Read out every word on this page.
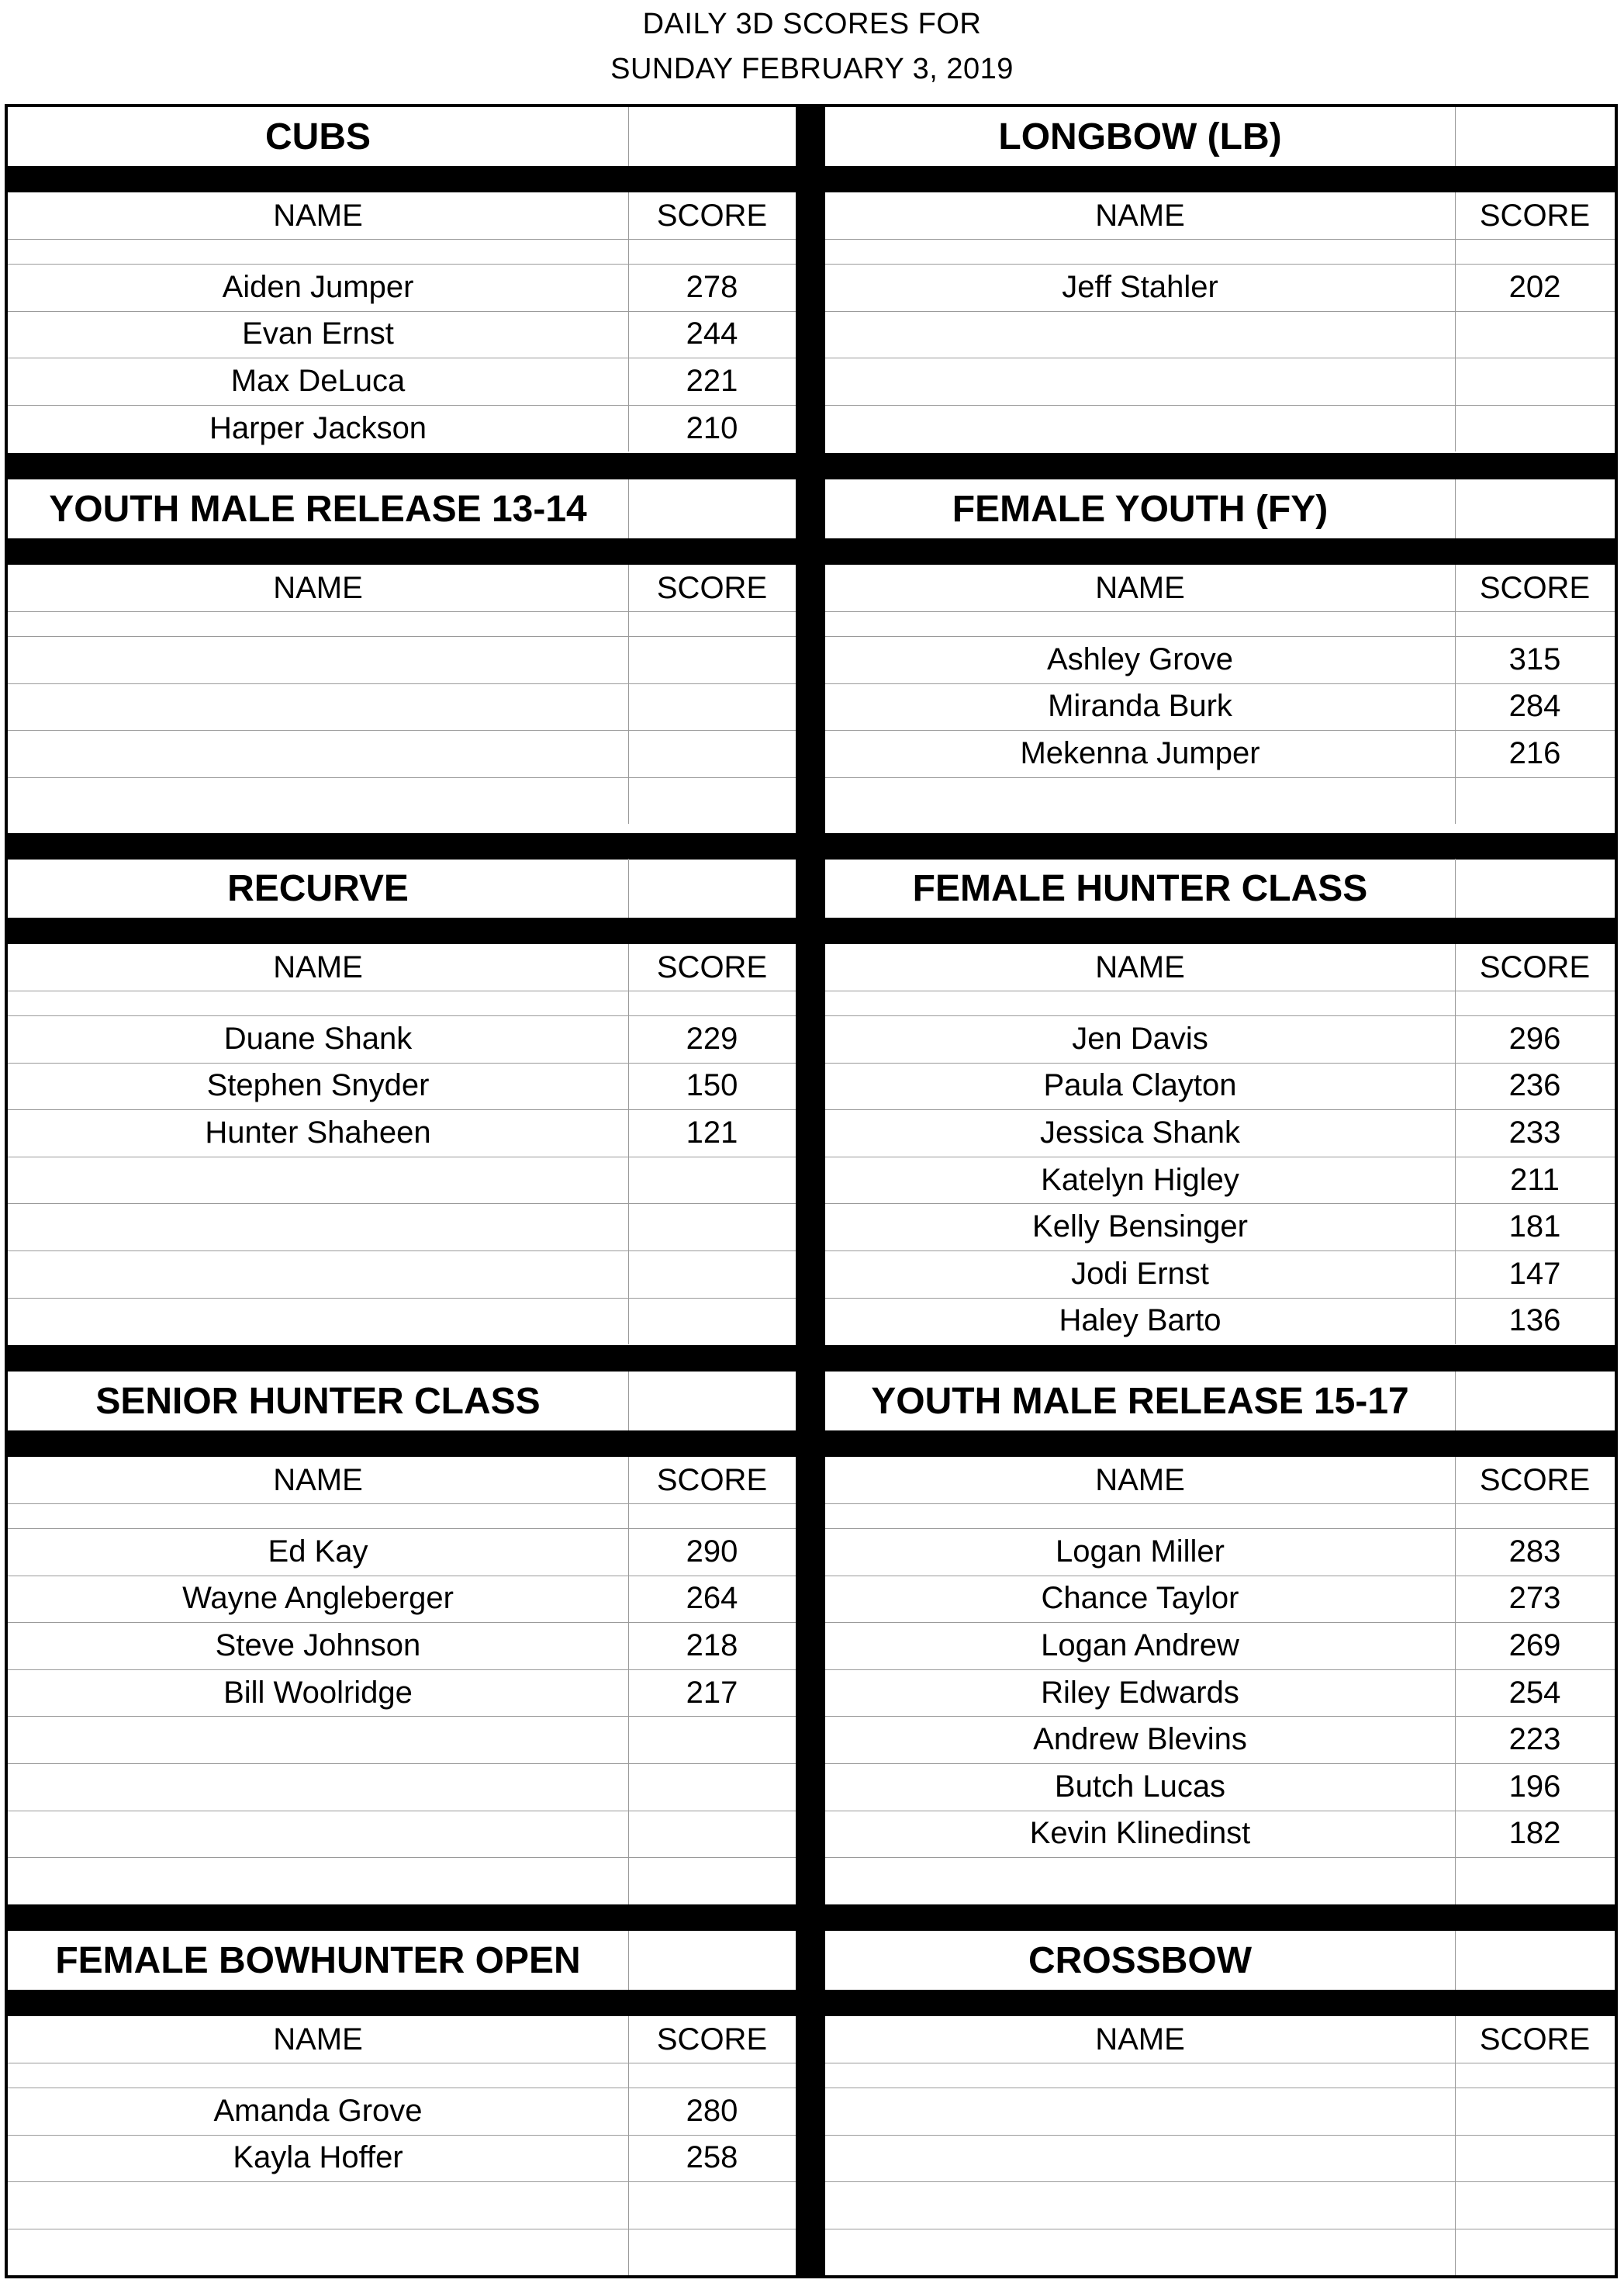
DAILY 3D SCORES FOR
SUNDAY FEBRUARY 3, 2019
CUBS
NAME	SCORE
Aiden Jumper	278
Evan Ernst	244
Max DeLuca	221
Harper Jackson	210
LONGBOW (LB)
NAME	SCORE
Jeff Stahler	202
YOUTH MALE RELEASE 13-14
NAME	SCORE
FEMALE YOUTH (FY)
NAME	SCORE
Ashley Grove	315
Miranda Burk	284
Mekenna Jumper	216
RECURVE
NAME	SCORE
Duane Shank	229
Stephen Snyder	150
Hunter Shaheen	121
FEMALE HUNTER CLASS
NAME	SCORE
Jen Davis	296
Paula Clayton	236
Jessica Shank	233
Katelyn Higley	211
Kelly Bensinger	181
Jodi Ernst	147
Haley Barto	136
SENIOR HUNTER CLASS
NAME	SCORE
Ed Kay	290
Wayne Angleberger	264
Steve Johnson	218
Bill Woolridge	217
YOUTH MALE RELEASE 15-17
NAME	SCORE
Logan Miller	283
Chance Taylor	273
Logan Andrew	269
Riley Edwards	254
Andrew Blevins	223
Butch Lucas	196
Kevin Klinedinst	182
FEMALE BOWHUNTER OPEN
NAME	SCORE
Amanda Grove	280
Kayla Hoffer	258
CROSSBOW
NAME	SCORE
